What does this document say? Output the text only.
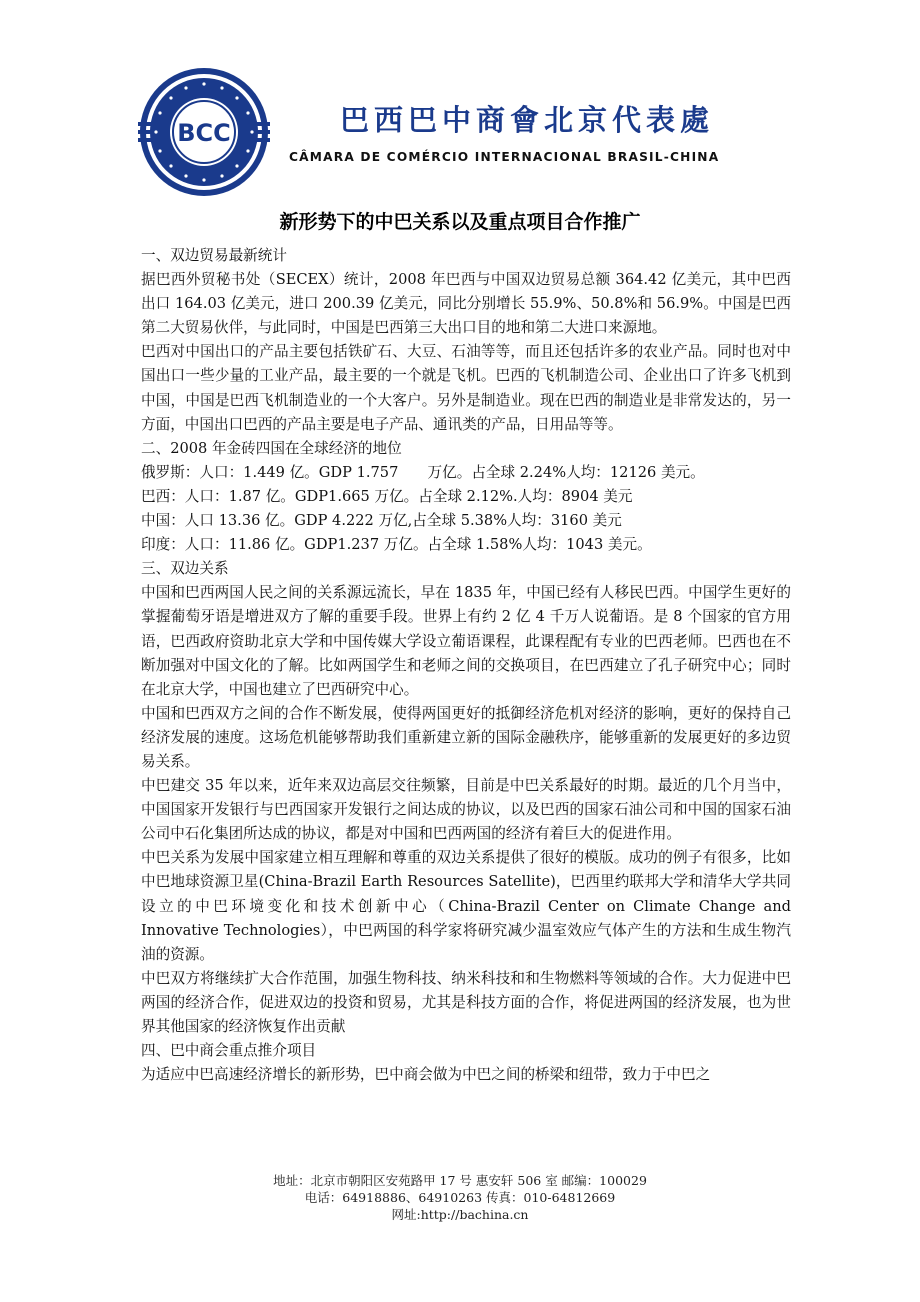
BCC	巴西巴中商會北京代表處
CÂMARA DE COMÉRCIO INTERNACIONAL BRASIL-CHINA
新形势下的中巴关系以及重点项目合作推广

一、双边贸易最新统计

据巴西外贸秘书处（SECEX）统计，2008 年巴西与中国双边贸易总额 364.42 亿美元，其中巴西出口 164.03 亿美元，进口 200.39 亿美元，同比分别增长 55.9%、50.8%和 56.9%。中国是巴西第二大贸易伙伴，与此同时，中国是巴西第三大出口目的地和第二大进口来源地。

巴西对中国出口的产品主要包括铁矿石、大豆、石油等等，而且还包括许多的农业产品。同时也对中国出口一些少量的工业产品，最主要的一个就是飞机。巴西的飞机制造公司、企业出口了许多飞机到中国，中国是巴西飞机制造业的一个大客户。另外是制造业。现在巴西的制造业是非常发达的，另一方面，中国出口巴西的产品主要是电子产品、通讯类的产品，日用品等等。

二、2008 年金砖四国在全球经济的地位

俄罗斯：人口：1.449 亿。GDP 1.757　　万亿。占全球 2.24%人均：12126 美元。

巴西：人口：1.87 亿。GDP1.665 万亿。占全球 2.12%.人均：8904 美元

中国：人口 13.36 亿。GDP 4.222 万亿,占全球 5.38%人均：3160 美元

印度：人口：11.86 亿。GDP1.237 万亿。占全球 1.58%人均：1043 美元。

三、双边关系

中国和巴西两国人民之间的关系源远流长，早在 1835 年，中国已经有人移民巴西。中国学生更好的掌握葡萄牙语是增进双方了解的重要手段。世界上有约 2 亿 4 千万人说葡语。是 8 个国家的官方用语，巴西政府资助北京大学和中国传媒大学设立葡语课程，此课程配有专业的巴西老师。巴西也在不断加强对中国文化的了解。比如两国学生和老师之间的交换项目，在巴西建立了孔子研究中心；同时在北京大学，中国也建立了巴西研究中心。

中国和巴西双方之间的合作不断发展，使得两国更好的抵御经济危机对经济的影响，更好的保持自己经济发展的速度。这场危机能够帮助我们重新建立新的国际金融秩序，能够重新的发展更好的多边贸易关系。

中巴建交 35 年以来，近年来双边高层交往频繁，目前是中巴关系最好的时期。最近的几个月当中，中国国家开发银行与巴西国家开发银行之间达成的协议，以及巴西的国家石油公司和中国的国家石油公司中石化集团所达成的协议，都是对中国和巴西两国的经济有着巨大的促进作用。

中巴关系为发展中国家建立相互理解和尊重的双边关系提供了很好的模版。成功的例子有很多，比如中巴地球资源卫星(China-Brazil Earth Resources Satellite)，巴西里约联邦大学和清华大学共同设立的中巴环境变化和技术创新中心（China-Brazil Center on Climate Change and Innovative Technologies），中巴两国的科学家将研究减少温室效应气体产生的方法和生成生物汽油的资源。

中巴双方将继续扩大合作范围，加强生物科技、纳米科技和和生物燃料等领域的合作。大力促进中巴两国的经济合作，促进双边的投资和贸易，尤其是科技方面的合作，将促进两国的经济发展，也为世界其他国家的经济恢复作出贡献

四、巴中商会重点推介项目

为适应中巴高速经济增长的新形势，巴中商会做为中巴之间的桥梁和纽带，致力于中巴之

地址：北京市朝阳区安苑路甲 17 号 惠安轩 506 室 邮编：100029
电话：64918886、64910263 传真：010-64812669
网址:http://bachina.cn
